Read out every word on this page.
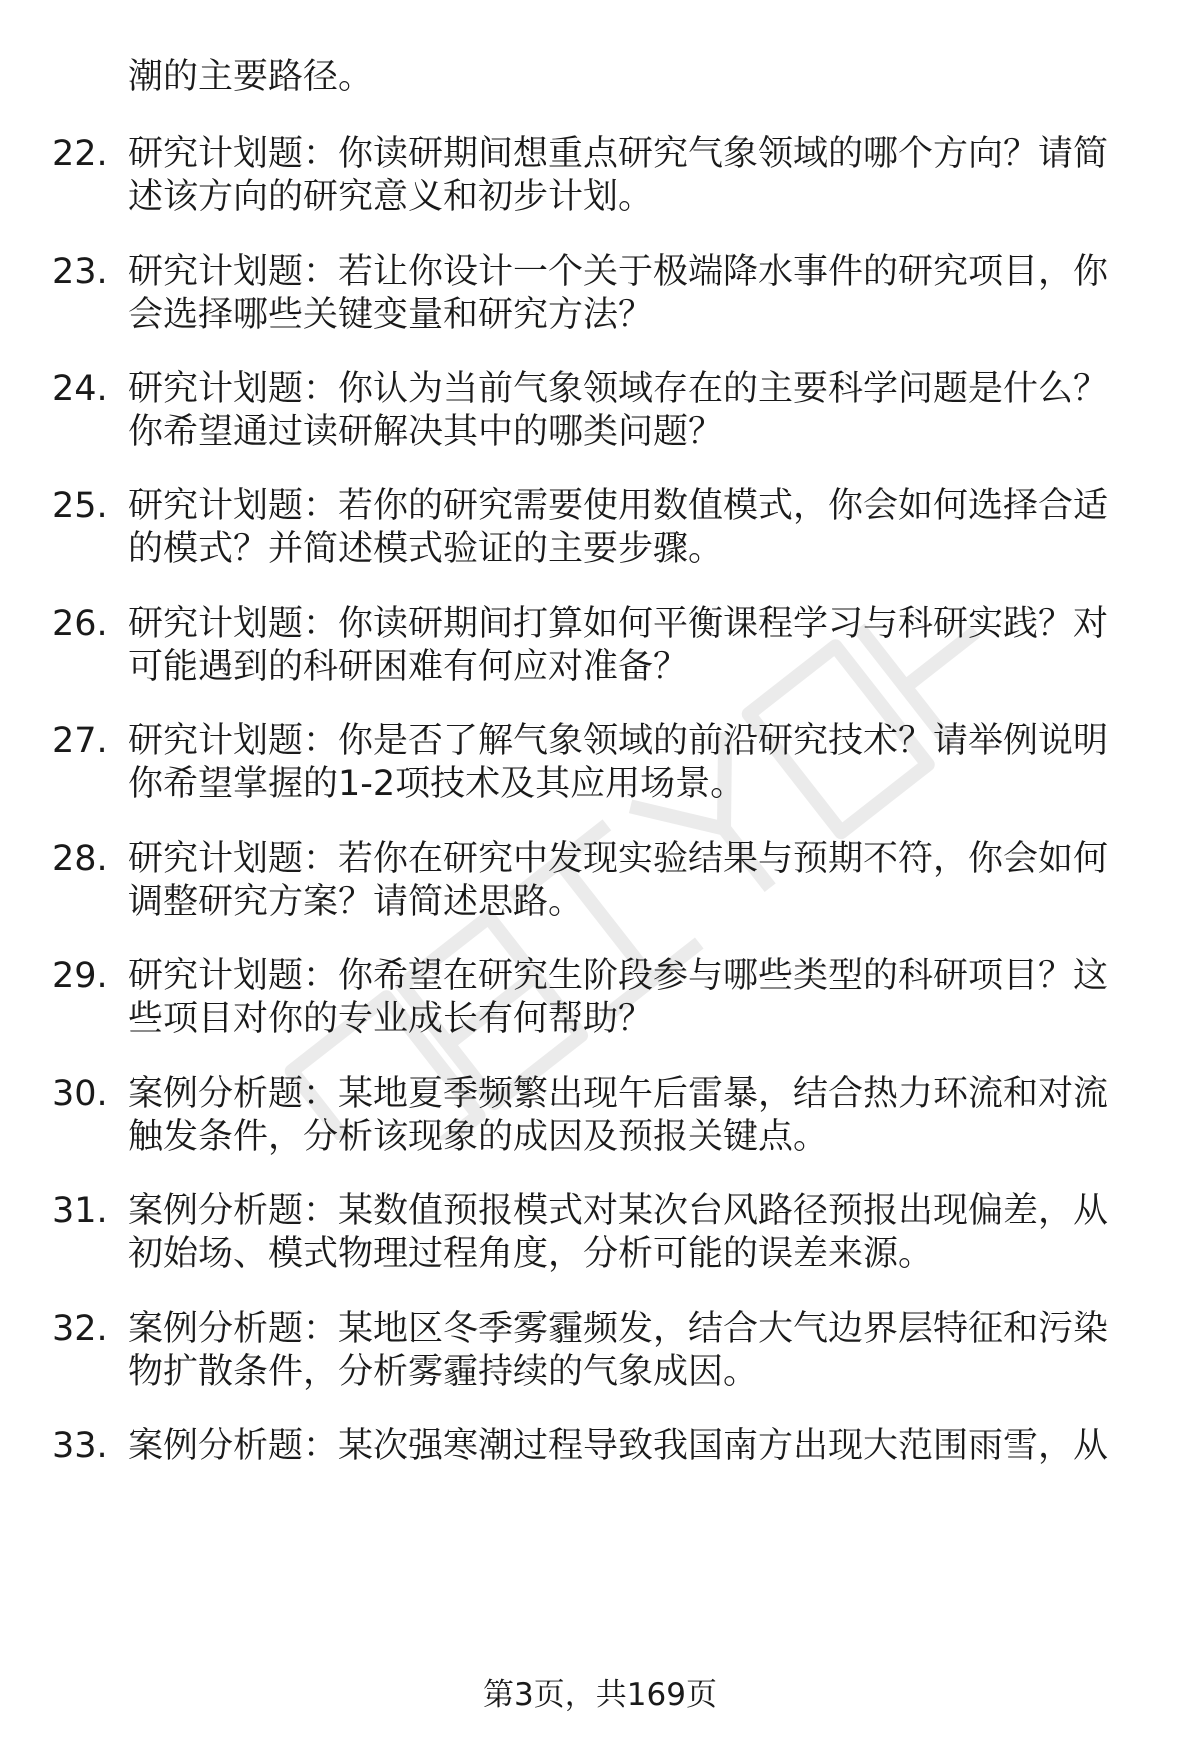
潮的主要路径。
22. 研究计划题：你读研期间想重点研究气象领域的哪个方向？请简
述该方向的研究意义和初步计划。
23. 研究计划题：若让你设计一个关于极端降水事件的研究项目，你
会选择哪些关键变量和研究方法？
24. 研究计划题：你认为当前气象领域存在的主要科学问题是什么？
你希望通过读研解决其中的哪类问题？
25. 研究计划题：若你的研究需要使用数值模式，你会如何选择合适
的模式？并简述模式验证的主要步骤。
26. 研究计划题：你读研期间打算如何平衡课程学习与科研实践？对
可能遇到的科研困难有何应对准备？
27. 研究计划题：你是否了解气象领域的前沿研究技术？请举例说明
你希望掌握的1-2项技术及其应用场景。
28. 研究计划题：若你在研究中发现实验结果与预期不符，你会如何
调整研究方案？请简述思路。
29. 研究计划题：你希望在研究生阶段参与哪些类型的科研项目？这
些项目对你的专业成长有何帮助？
30. 案例分析题：某地夏季频繁出现午后雷暴，结合热力环流和对流
触发条件，分析该现象的成因及预报关键点。
31. 案例分析题：某数值预报模式对某次台风路径预报出现偏差，从
初始场、模式物理过程角度，分析可能的误差来源。
32. 案例分析题：某地区冬季雾霾频发，结合大气边界层特征和污染
物扩散条件，分析雾霾持续的气象成因。
33. 案例分析题：某次强寒潮过程导致我国南方出现大范围雨雪，从
第3页，共169页
